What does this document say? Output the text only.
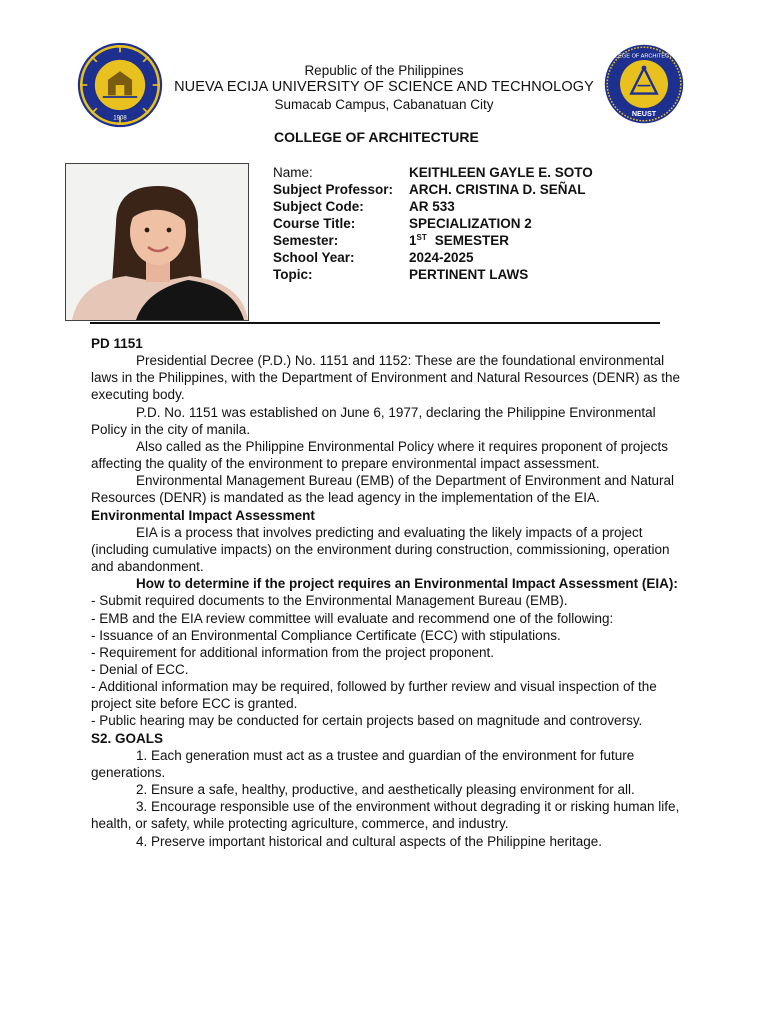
1908
COLLEGE OF ARCHITECTURE
NEUST
Republic of the Philippines
NUEVA ECIJA UNIVERSITY OF SCIENCE AND TECHNOLOGY
Sumacab Campus, Cabanatuan City
COLLEGE OF ARCHITECTURE
Name:	KEITHLEEN GAYLE E. SOTO
Subject Professor:	ARCH. CRISTINA D. SEÑAL
Subject Code:	AR 533
Course Title:	SPECIALIZATION 2
Semester:	1ST SEMESTER
School Year:	2024-2025
Topic:	PERTINENT LAWS

PD 1151

Presidential Decree (P.D.) No. 1151 and 1152: These are the foundational environmental laws in the Philippines, with the Department of Environment and Natural Resources (DENR) as the executing body.

P.D. No. 1151 was established on June 6, 1977, declaring the Philippine Environmental Policy in the city of manila.

Also called as the Philippine Environmental Policy where it requires proponent of projects affecting the quality of the environment to prepare environmental impact assessment.

Environmental Management Bureau (EMB) of the Department of Environment and Natural Resources (DENR) is mandated as the lead agency in the implementation of the EIA.

Environmental Impact Assessment

EIA is a process that involves predicting and evaluating the likely impacts of a project (including cumulative impacts) on the environment during construction, commissioning, operation and abandonment.

How to determine if the project requires an Environmental Impact Assessment (EIA):

- Submit required documents to the Environmental Management Bureau (EMB).

- EMB and the EIA review committee will evaluate and recommend one of the following:

- Issuance of an Environmental Compliance Certificate (ECC) with stipulations.

- Requirement for additional information from the project proponent.

- Denial of ECC.

- Additional information may be required, followed by further review and visual inspection of the project site before ECC is granted.

- Public hearing may be conducted for certain projects based on magnitude and controversy.

S2. GOALS

1. Each generation must act as a trustee and guardian of the environment for future generations.

2. Ensure a safe, healthy, productive, and aesthetically pleasing environment for all.

3. Encourage responsible use of the environment without degrading it or risking human life, health, or safety, while protecting agriculture, commerce, and industry.

4. Preserve important historical and cultural aspects of the Philippine heritage.
